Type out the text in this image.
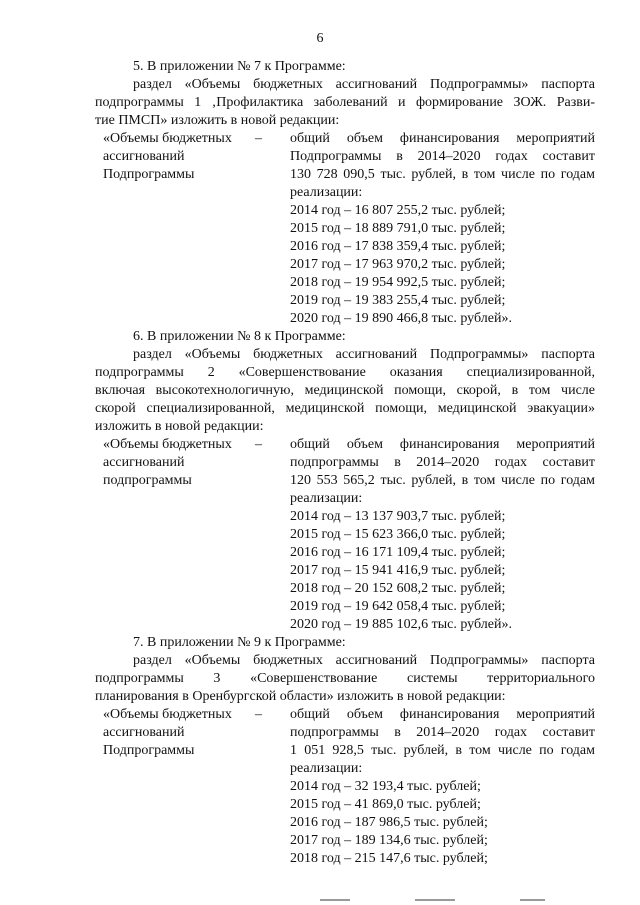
6
5. В приложении № 7 к Программе:
раздел «Объемы бюджетных ассигнований Подпрограммы» паспорта
подпрограммы 1 ‚Профилактика заболеваний и формирование ЗОЖ. Разви-
тие ПМСП» изложить в новой редакции:
«Объемы бюджетных
ассигнований
Подпрограммы
–	общий объем финансирования мероприятий
Подпрограммы в 2014–2020 годах составит
130 728 090,5 тыс. рублей, в том числе по годам
реализации:
2014 год – 16 807 255,2 тыс. рублей;
2015 год – 18 889 791,0 тыс. рублей;
2016 год – 17 838 359,4 тыс. рублей;
2017 год – 17 963 970,2 тыс. рублей;
2018 год – 19 954 992,5 тыс. рублей;
2019 год – 19 383 255,4 тыс. рублей;
2020 год – 19 890 466,8 тыс. рублей».
6. В приложении № 8 к Программе:
раздел «Объемы бюджетных ассигнований Подпрограммы» паспорта
подпрограммы 2 «Совершенствование оказания специализированной,
включая высокотехнологичную, медицинской помощи, скорой, в том числе
скорой специализированной, медицинской помощи, медицинской эвакуации»
изложить в новой редакции:
«Объемы бюджетных
ассигнований
подпрограммы
–	общий объем финансирования мероприятий
подпрограммы в 2014–2020 годах составит
120 553 565,2 тыс. рублей, в том числе по годам
реализации:
2014 год – 13 137 903,7 тыс. рублей;
2015 год – 15 623 366,0 тыс. рублей;
2016 год – 16 171 109,4 тыс. рублей;
2017 год – 15 941 416,9 тыс. рублей;
2018 год – 20 152 608,2 тыс. рублей;
2019 год – 19 642 058,4 тыс. рублей;
2020 год – 19 885 102,6 тыс. рублей».
7. В приложении № 9 к Программе:
раздел «Объемы бюджетных ассигнований Подпрограммы» паспорта
подпрограммы 3 «Совершенствование системы территориального
планирования в Оренбургской области» изложить в новой редакции:
«Объемы бюджетных
ассигнований
Подпрограммы
–	общий объем финансирования мероприятий
подпрограммы в 2014–2020 годах составит
1 051 928,5 тыс. рублей, в том числе по годам
реализации:
2014 год – 32 193,4 тыс. рублей;
2015 год – 41 869,0 тыс. рублей;
2016 год – 187 986,5 тыс. рублей;
2017 год – 189 134,6 тыс. рублей;
2018 год – 215 147,6 тыс. рублей;
